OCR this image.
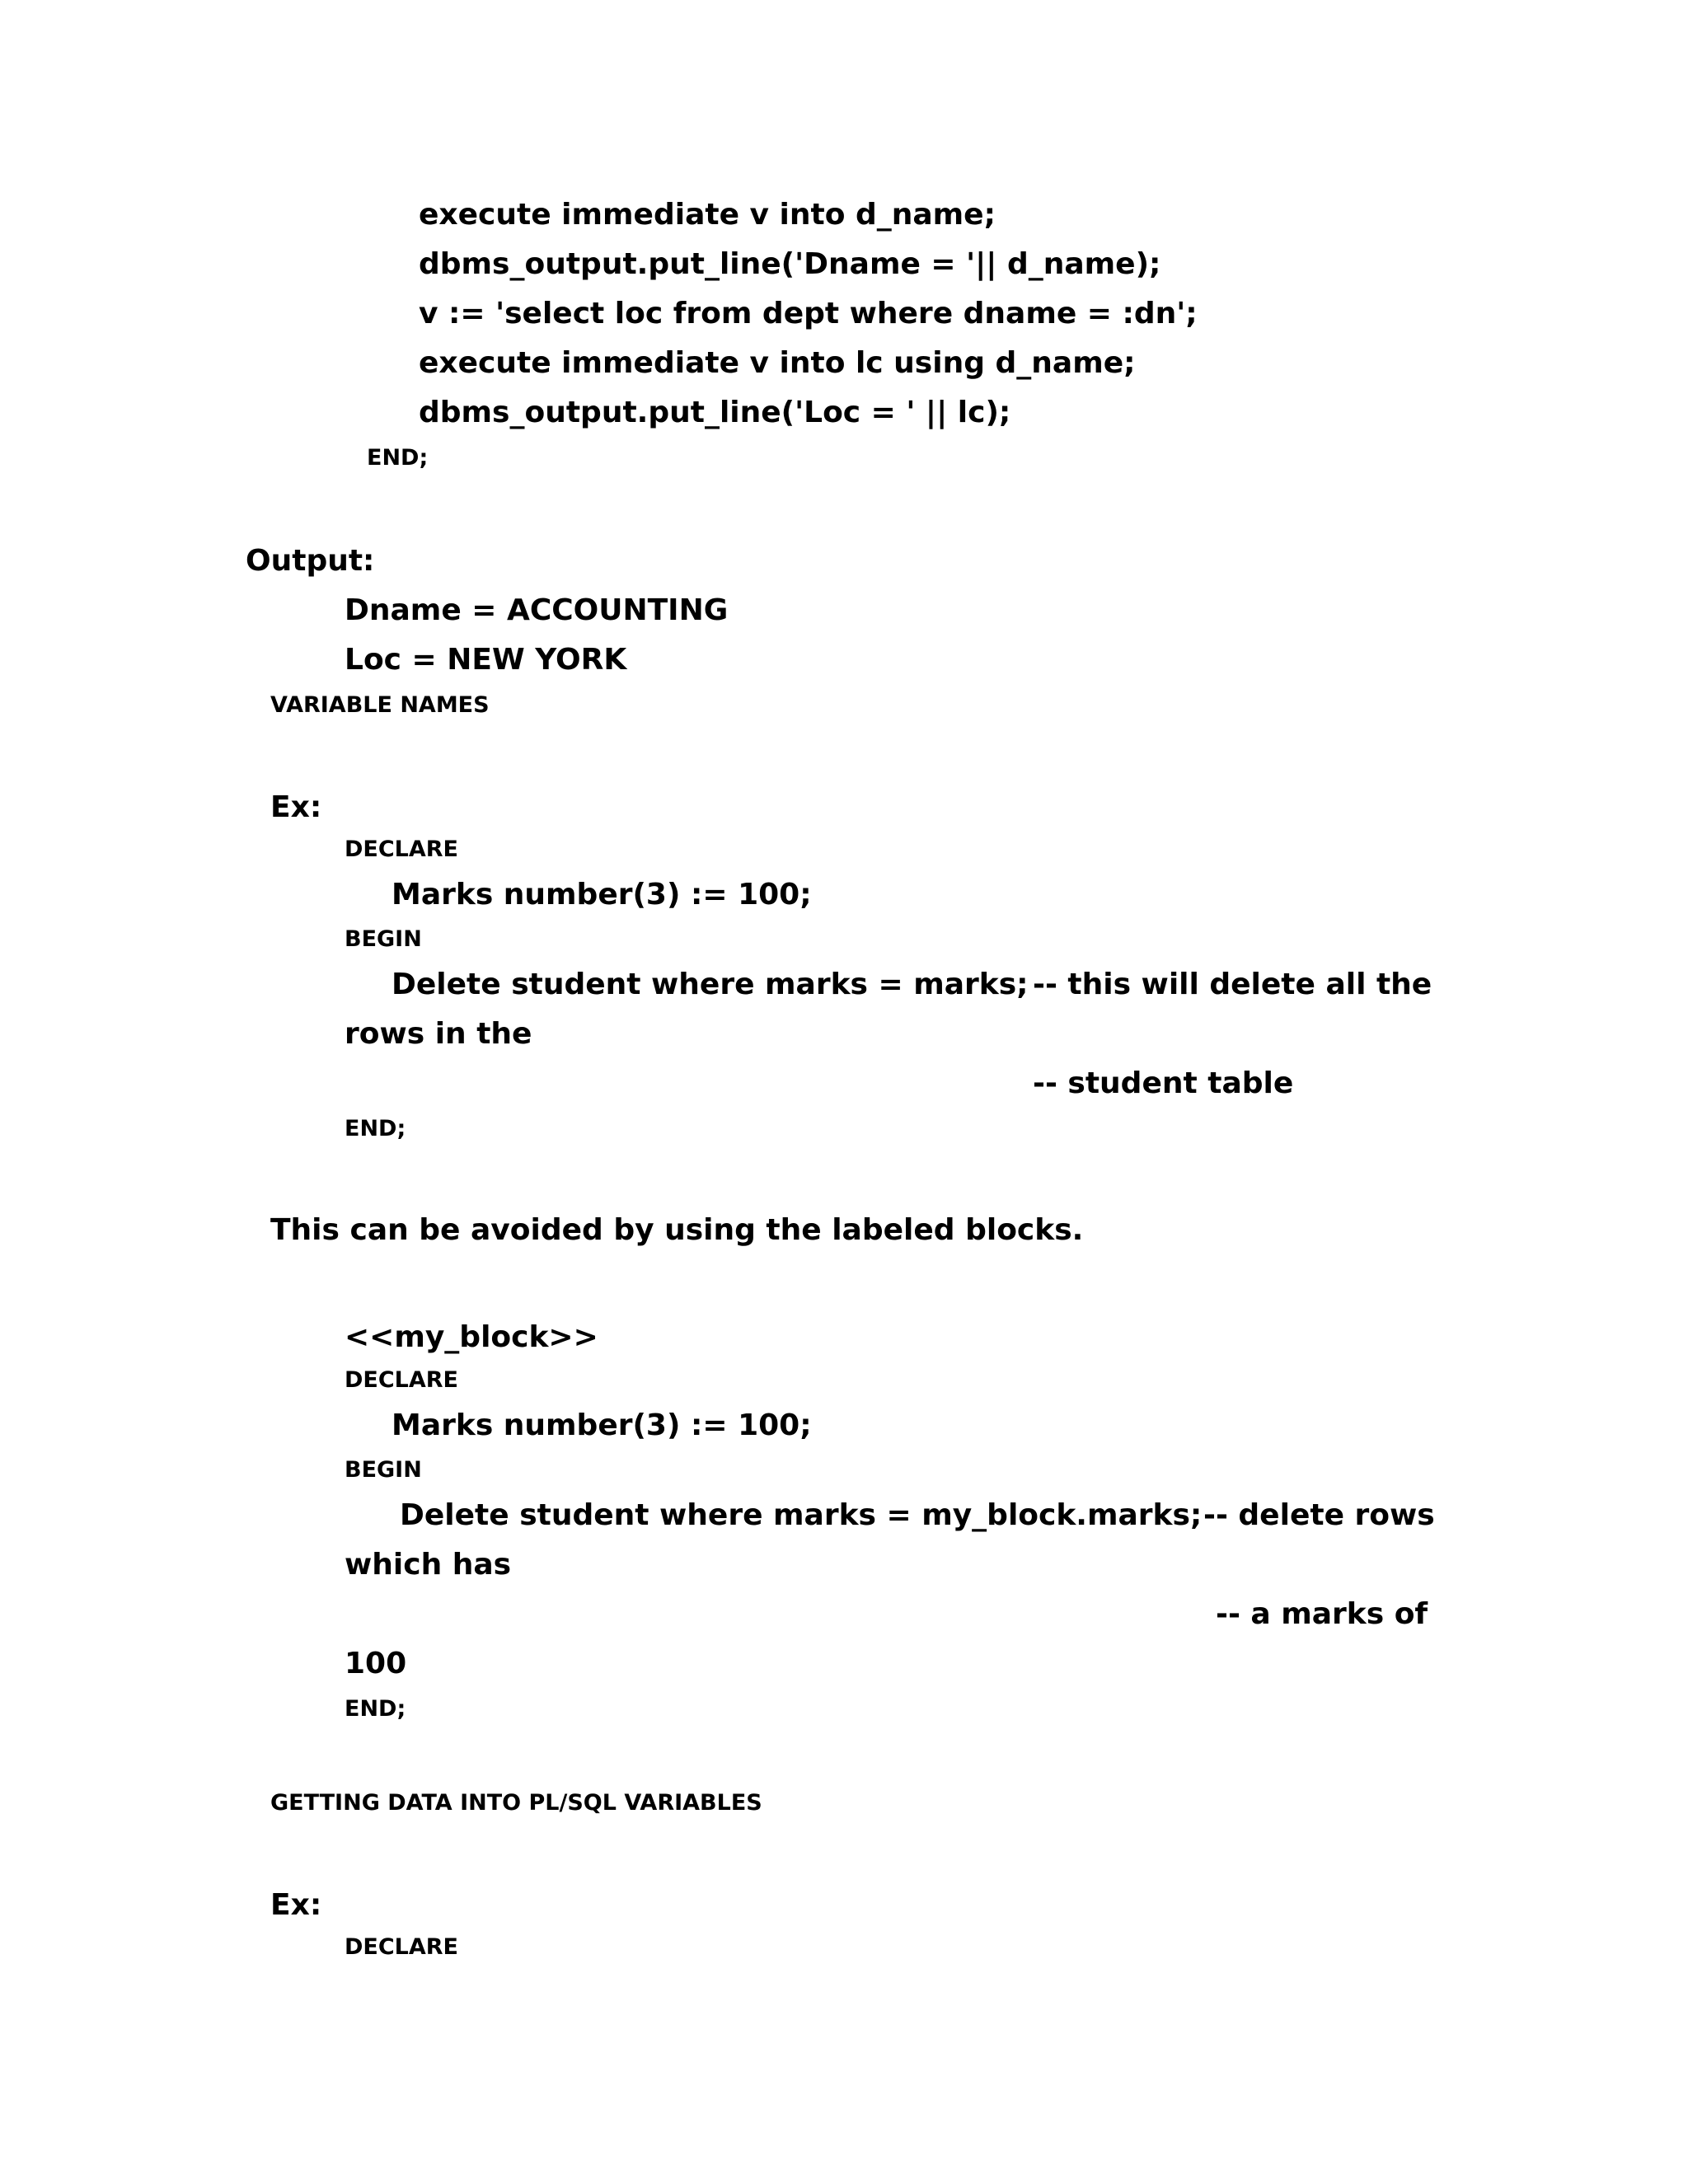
execute immediate v into d_name;
dbms_output.put_line('Dname = '|| d_name);
v := 'select loc from dept where dname = :dn';
execute immediate v into lc using d_name;
dbms_output.put_line('Loc = ' || lc);
END;
Output:
Dname = ACCOUNTING
Loc = NEW YORK
VARIABLE NAMES
Ex:
DECLARE
Marks number(3) := 100;
BEGIN
Delete student where marks = marks; -- this will delete all the
rows in the
-- student table
END;
This can be avoided by using the labeled blocks.
<<my_block>>
DECLARE
Marks number(3) := 100;
BEGIN
Delete student where marks = my_block.marks; -- delete rows
which has
-- a marks of
100
END;
GETTING DATA INTO PL/SQL VARIABLES
Ex:
DECLARE
